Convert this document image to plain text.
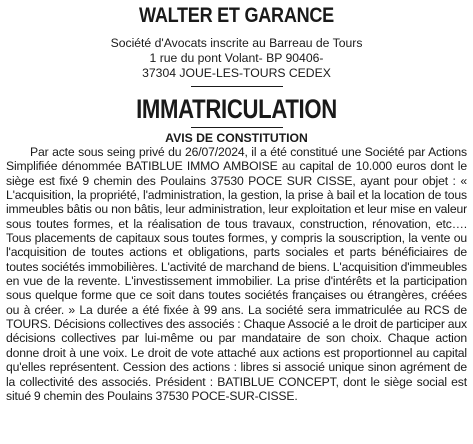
WALTER ET GARANCE
Société d'Avocats inscrite au Barreau de Tours
1 rue du pont Volant- BP 90406-
37304 JOUE-LES-TOURS CEDEX
IMMATRICULATION
AVIS DE CONSTITUTION

Par acte sous seing privé du 26/07/2024, il a été constitué une Société par Actions Simplifiée dénommée BATIBLUE IMMO AMBOISE au capital de 10.000 euros dont le siège est fixé 9 chemin des Poulains 37530 POCE SUR CISSE, ayant pour objet : « L'acquisition, la propriété, l'administration, la gestion, la prise à bail et la location de tous immeubles bâtis ou non bâtis, leur administration, leur exploitation et leur mise en valeur sous toutes formes, et la réalisation de tous travaux, construction, rénovation, etc…. Tous placements de capitaux sous toutes formes, y compris la souscription, la vente ou l'acquisition de toutes actions et obligations, parts sociales et parts bénéficiaires de toutes sociétés immobilières. L'activité de marchand de biens. L'acquisition d'immeubles en vue de la revente. L'investissement immobilier. La prise d'intérêts et la participation sous quelque forme que ce soit dans toutes sociétés françaises ou étrangères, créées ou à créer. » La durée a été fixée à 99 ans. La société sera immatriculée au RCS de TOURS. Décisions collectives des associés : Chaque Associé a le droit de participer aux décisions collectives par lui-même ou par mandataire de son choix. Chaque action donne droit à une voix. Le droit de vote attaché aux actions est proportionnel au capital qu'elles représentent. Cession des actions : libres si associé unique sinon agrément de la collectivité des associés. Président : BATIBLUE CONCEPT, dont le siège social est situé 9 chemin des Poulains 37530 POCE-SUR-CISSE.
